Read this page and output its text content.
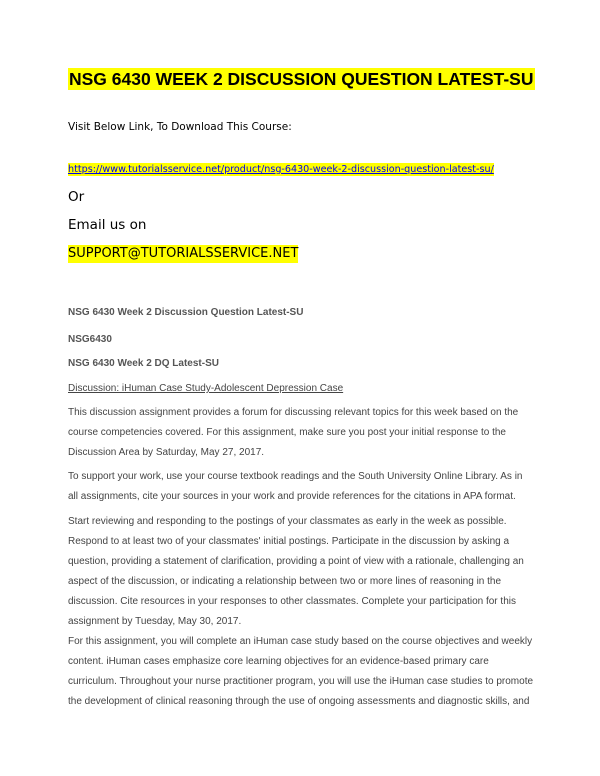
NSG 6430 WEEK 2 DISCUSSION QUESTION LATEST-SU
Visit Below Link, To Download This Course:
https://www.tutorialsservice.net/product/nsg-6430-week-2-discussion-question-latest-su/
Or
Email us on
SUPPORT@TUTORIALSSERVICE.NET
NSG 6430 Week 2 Discussion Question Latest-SU
NSG6430
NSG 6430 Week 2 DQ Latest-SU
Discussion: iHuman Case Study-Adolescent Depression Case

This discussion assignment provides a forum for discussing relevant topics for this week based on the
course competencies covered. For this assignment, make sure you post your initial response to the
Discussion Area by Saturday, May 27, 2017.

To support your work, use your course textbook readings and the South University Online Library. As in
all assignments, cite your sources in your work and provide references for the citations in APA format.

Start reviewing and responding to the postings of your classmates as early in the week as possible.
Respond to at least two of your classmates' initial postings. Participate in the discussion by asking a
question, providing a statement of clarification, providing a point of view with a rationale, challenging an
aspect of the discussion, or indicating a relationship between two or more lines of reasoning in the
discussion. Cite resources in your responses to other classmates. Complete your participation for this
assignment by Tuesday, May 30, 2017.

For this assignment, you will complete an iHuman case study based on the course objectives and weekly
content. iHuman cases emphasize core learning objectives for an evidence-based primary care
curriculum. Throughout your nurse practitioner program, you will use the iHuman case studies to promote
the development of clinical reasoning through the use of ongoing assessments and diagnostic skills, and
